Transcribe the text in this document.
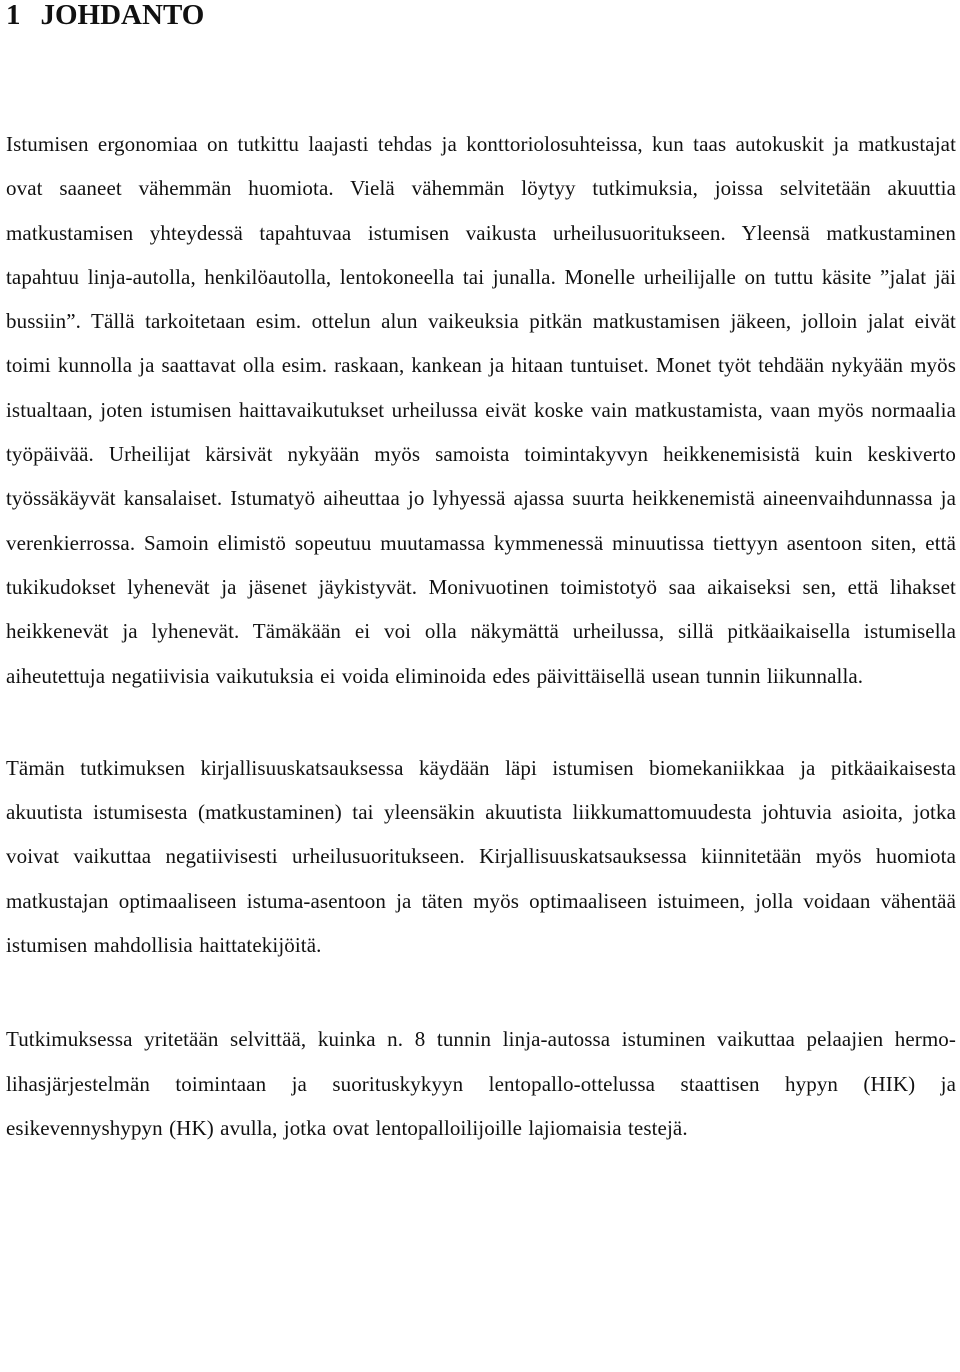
1 JOHDANTO

Istumisen ergonomiaa on tutkittu laajasti tehdas ja konttoriolosuhteissa, kun taas autokuskit ja matkustajat ovat saaneet vähemmän huomiota. Vielä vähemmän löytyy tutkimuksia, joissa selvitetään akuuttia matkustamisen yhteydessä tapahtuvaa istumisen vaikusta urheilusuoritukseen. Yleensä matkustaminen tapahtuu linja-autolla, henkilöautolla, lentokoneella tai junalla. Monelle urheilijalle on tuttu käsite ”jalat jäi bussiin”. Tällä tarkoitetaan esim. ottelun alun vaikeuksia pitkän matkustamisen jäkeen, jolloin jalat eivät toimi kunnolla ja saattavat olla esim. raskaan, kankean ja hitaan tuntuiset. Monet työt tehdään nykyään myös istualtaan, joten istumisen haittavaikutukset urheilussa eivät koske vain matkustamista, vaan myös normaalia työpäivää. Urheilijat kärsivät nykyään myös samoista toimintakyvyn heikkenemisistä kuin keskiverto työssäkäyvät kansalaiset. Istumatyö aiheuttaa jo lyhyessä ajassa suurta heikkenemistä aineenvaihdunnassa ja verenkierrossa. Samoin elimistö sopeutuu muutamassa kymmenessä minuutissa tiettyyn asentoon siten, että tukikudokset lyhenevät ja jäsenet jäykistyvät. Monivuotinen toimistotyö saa aikaiseksi sen, että lihakset heikkenevät ja lyhenevät. Tämäkään ei voi olla näkymättä urheilussa, sillä pitkäaikaisella istumisella aiheutettuja negatiivisia vaikutuksia ei voida eliminoida edes päivittäisellä usean tunnin liikunnalla.

Tämän tutkimuksen kirjallisuuskatsauksessa käydään läpi istumisen biomekaniikkaa ja pitkäaikaisesta akuutista istumisesta (matkustaminen) tai yleensäkin akuutista liikkumattomuudesta johtuvia asioita, jotka voivat vaikuttaa negatiivisesti urheilusuoritukseen. Kirjallisuuskatsauksessa kiinnitetään myös huomiota matkustajan optimaaliseen istuma-asentoon ja täten myös optimaaliseen istuimeen, jolla voidaan vähentää istumisen mahdollisia haittatekijöitä.

Tutkimuksessa yritetään selvittää, kuinka n. 8 tunnin linja-autossa istuminen vaikuttaa pelaajien hermo-lihasjärjestelmän toimintaan ja suorituskykyyn lentopallo-ottelussa staattisen hypyn (HIK) ja esikevennyshypyn (HK) avulla, jotka ovat lentopalloilijoille lajiomaisia testejä.
